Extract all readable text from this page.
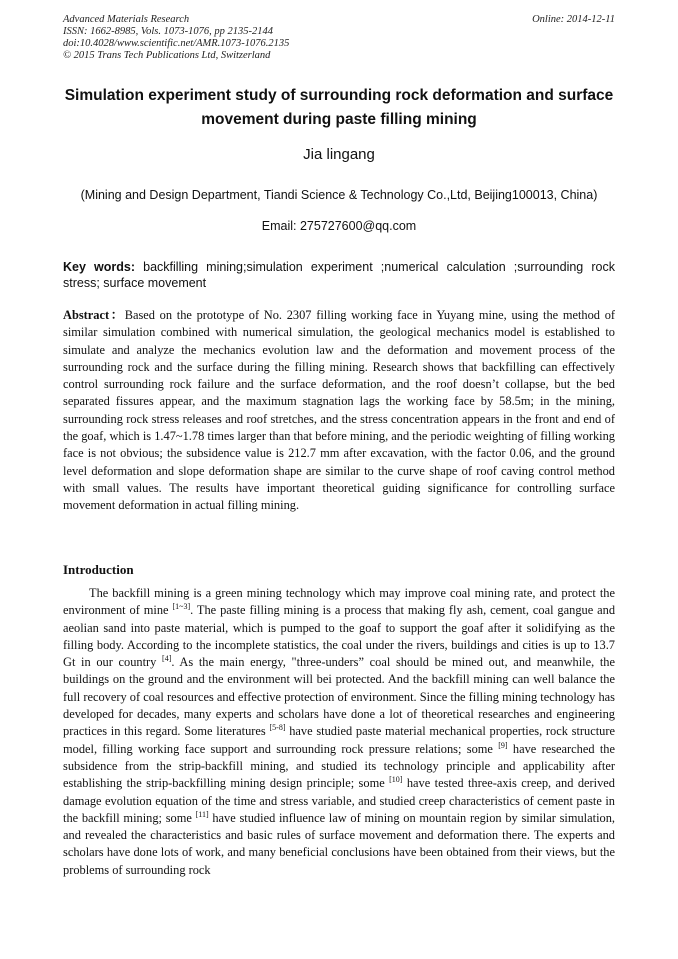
Advanced Materials Research
ISSN: 1662-8985, Vols. 1073-1076, pp 2135-2144
doi:10.4028/www.scientific.net/AMR.1073-1076.2135
© 2015 Trans Tech Publications Ltd, Switzerland
Online: 2014-12-11
Simulation experiment study of surrounding rock deformation and surface movement during paste filling mining
Jia lingang
(Mining and Design Department, Tiandi Science & Technology Co.,Ltd, Beijing100013, China)
Email: 275727600@qq.com
Key words: backfilling mining;simulation experiment ;numerical calculation ;surrounding rock stress; surface movement
Abstract：Based on the prototype of No. 2307 filling working face in Yuyang mine, using the method of similar simulation combined with numerical simulation, the geological mechanics model is established to simulate and analyze the mechanics evolution law and the deformation and movement process of the surrounding rock and the surface during the filling mining. Research shows that backfilling can effectively control surrounding rock failure and the surface deformation, and the roof doesn’t collapse, but the bed separated fissures appear, and the maximum stagnation lags the working face by 58.5m; in the mining, surrounding rock stress releases and roof stretches, and the stress concentration appears in the front and end of the goaf, which is 1.47~1.78 times larger than that before mining, and the periodic weighting of filling working face is not obvious; the subsidence value is 212.7 mm after excavation, with the factor 0.06, and the ground level deformation and slope deformation shape are similar to the curve shape of roof caving control method with small values. The results have important theoretical guiding significance for controlling surface movement deformation in actual filling mining.
Introduction
The backfill mining is a green mining technology which may improve coal mining rate, and protect the environment of mine [1~3]. The paste filling mining is a process that making fly ash, cement, coal gangue and aeolian sand into paste material, which is pumped to the goaf to support the goaf after it solidifying as the filling body. According to the incomplete statistics, the coal under the rivers, buildings and cities is up to 13.7 Gt in our country [4]. As the main energy, "three-unders” coal should be mined out, and meanwhile, the buildings on the ground and the environment will bei protected. And the backfill mining can well balance the full recovery of coal resources and effective protection of environment. Since the filling mining technology has developed for decades, many experts and scholars have done a lot of theoretical researches and engineering practices in this regard. Some literatures [5-8] have studied paste material mechanical properties, rock structure model, filling working face support and surrounding rock pressure relations; some [9] have researched the subsidence from the strip-backfill mining, and studied its technology principle and applicability after establishing the strip-backfilling mining design principle; some [10] have tested three-axis creep, and derived damage evolution equation of the time and stress variable, and studied creep characteristics of cement paste in the backfill mining; some [11] have studied influence law of mining on mountain region by similar simulation, and revealed the characteristics and basic rules of surface movement and deformation there. The experts and scholars have done lots of work, and many beneficial conclusions have been obtained from their views, but the problems of surrounding rock
